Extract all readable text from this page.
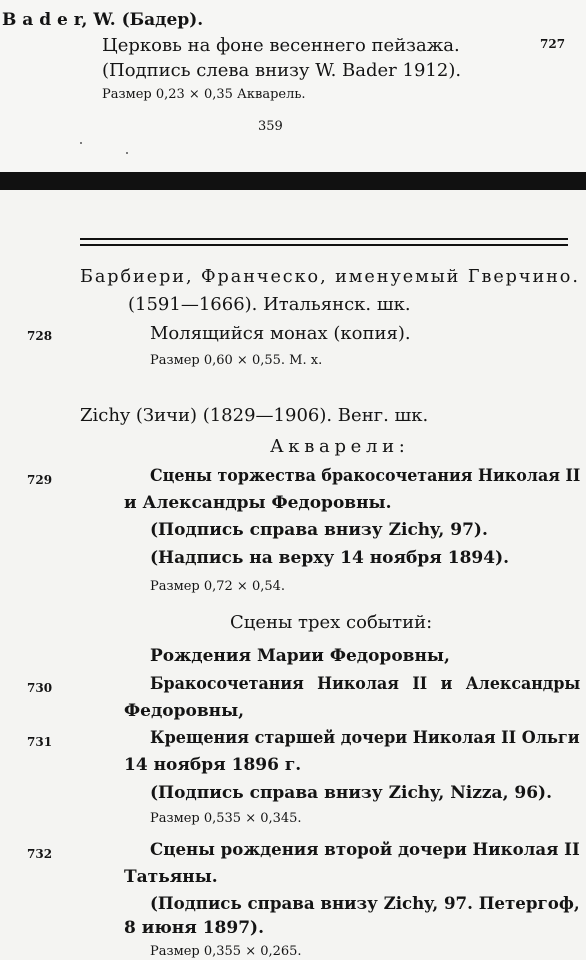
B a d e r, W. (Бадер).
Церковь на фоне весеннего пейзажа.
(Подпись слева внизу W. Bader 1912).
Размер 0,23 × 0,35 Акварель.
727
359
Барбиери, Франческо, именуемый Гверчино.
(1591—1666). Итальянск. шк.
728	Молящийся монах (копия).
Размер 0,60 × 0,55. М. х.
Zichy (Зичи) (1829—1906). Венг. шк.
Акварели:
729	Сцены торжества бракосочетания Николая II
и Александры Федоровны.
(Подпись справа внизу Zichy, 97).
(Надпись на верху 14 ноября 1894).
Размер 0,72 × 0,54.
Сцены трех событий:
Рождения Марии Федоровны,
730	Бракосочетания Николая II и Александры
Федоровны,
731	Крещения старшей дочери Николая II Ольги
14 ноября 1896 г.
(Подпись справа внизу Zichy, Nizza, 96).
Размер 0,535 × 0,345.
732	Сцены рождения второй дочери Николая II
Татьяны.
(Подпись справа внизу Zichy, 97. Петергоф,
8 июня 1897).
Размер 0,355 × 0,265.
